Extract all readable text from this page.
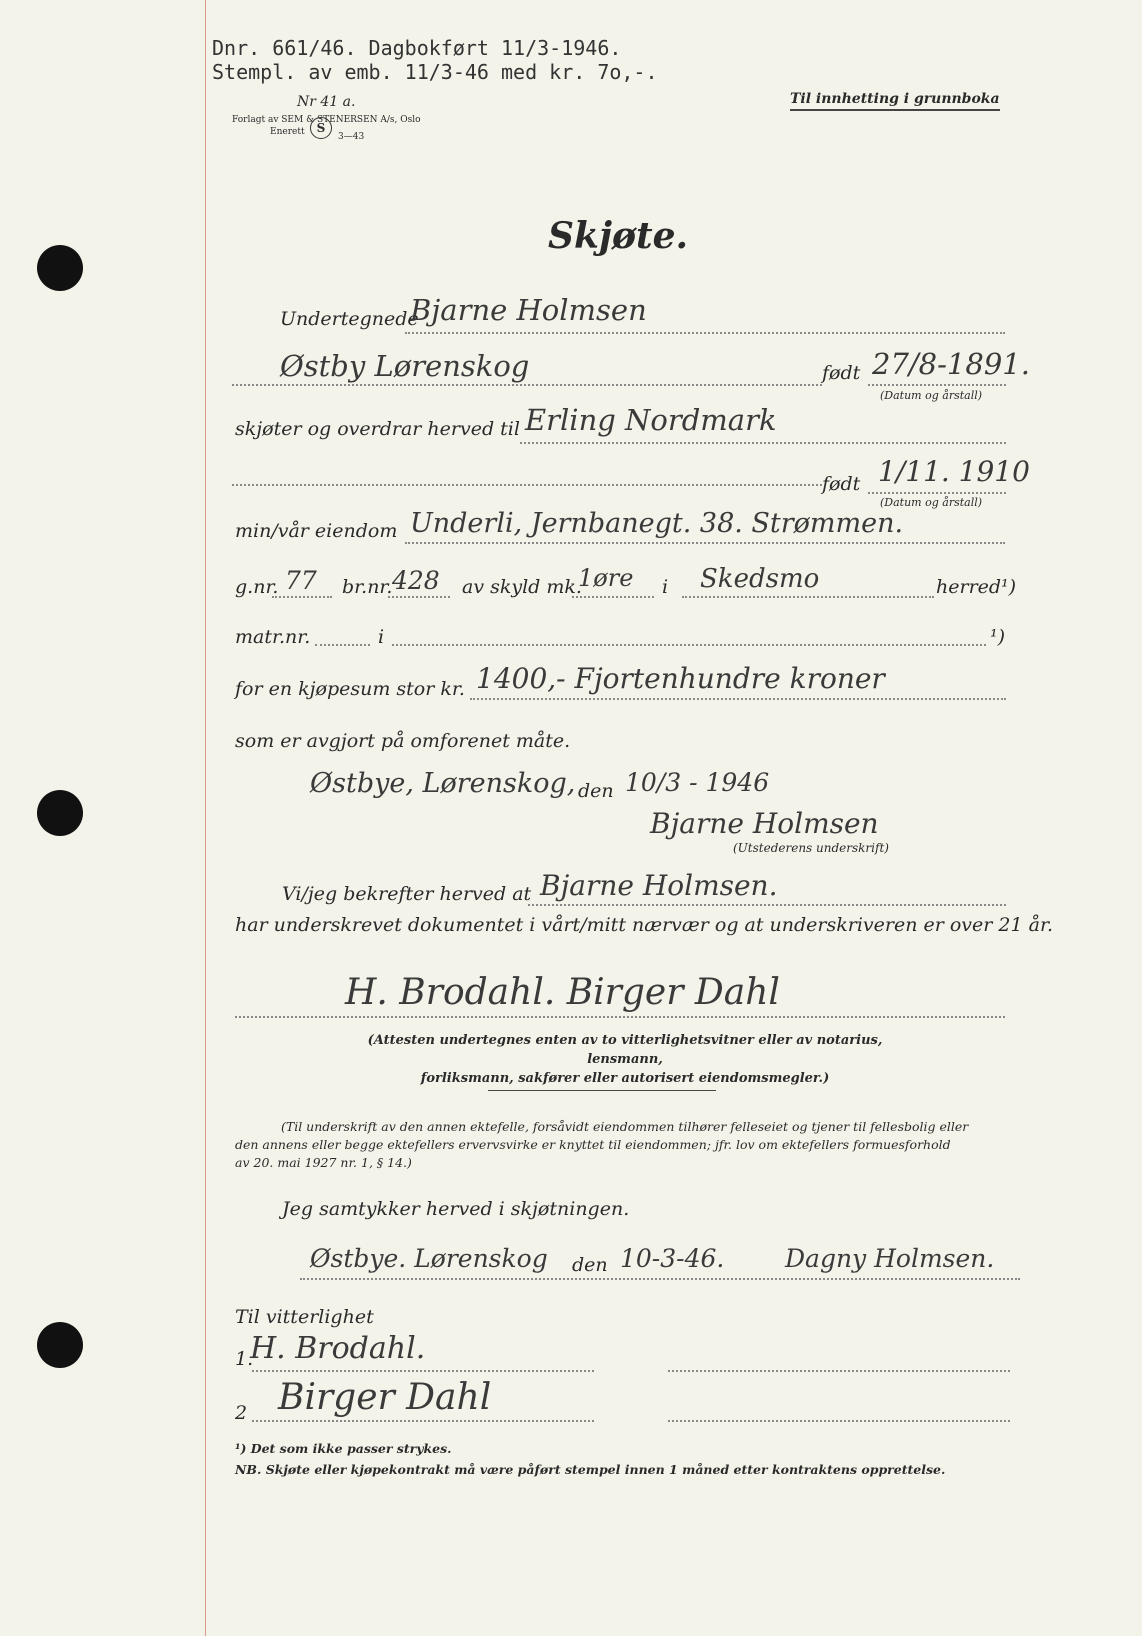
Dnr. 661/46. Dagbokført 11/3-1946.
Stempl. av emb. 11/3-46 med kr. 7o,-.
Nr 41 a.
Forlagt av SEM & STENERSEN A/s, Oslo
Enerett	S
3—43
Til innhetting i grunnboka
Skjøte.
Undertegnede
Bjarne Holmsen
Østby Lørenskog	født 27/8-1891.
(Datum og årstall)
skjøter og overdrar herved til Erling Nordmark
født 1/11. 1910
(Datum og årstall)
min/vår eiendom Underli, Jernbanegt. 38. Strømmen.
g.nr. 77 br.nr. 428 av skyld mk.
1øre i Skedsmo	herred¹)
matr.nr.	i	¹)
for en kjøpesum stor kr. 1400,- Fjortenhundre kroner
som er avgjort på omforenet måte.
Østbye, Lørenskog, den 10/3 - 1946
Bjarne Holmsen
(Utstederens underskrift)
Vi/jeg bekrefter herved at Bjarne Holmsen.
har underskrevet dokumentet i vårt/mitt nærvær og at underskriveren er over 21 år.
H. Brodahl. Birger Dahl
(Attesten undertegnes enten av to vitterlighetsvitner eller av notarius, lensmann,
forliksmann, sakfører eller autorisert eiendomsmegler.)
(Til underskrift av den annen ektefelle, forsåvidt eiendommen tilhører felleseiet og tjener til fellesbolig eller
den annens eller begge ektefellers ervervsvirke er knyttet til eiendommen; jfr. lov om ektefellers formuesforhold
av 20. mai 1927 nr. 1, § 14.)
Jeg samtykker herved i skjøtningen.
Østbye. Lørenskog den 10-3-46. Dagny Holmsen.
Til vitterlighet
1.
H. Brodahl.
2 Birger Dahl
¹) Det som ikke passer strykes.
NB. Skjøte eller kjøpekontrakt må være påført stempel innen 1 måned etter kontraktens opprettelse.
